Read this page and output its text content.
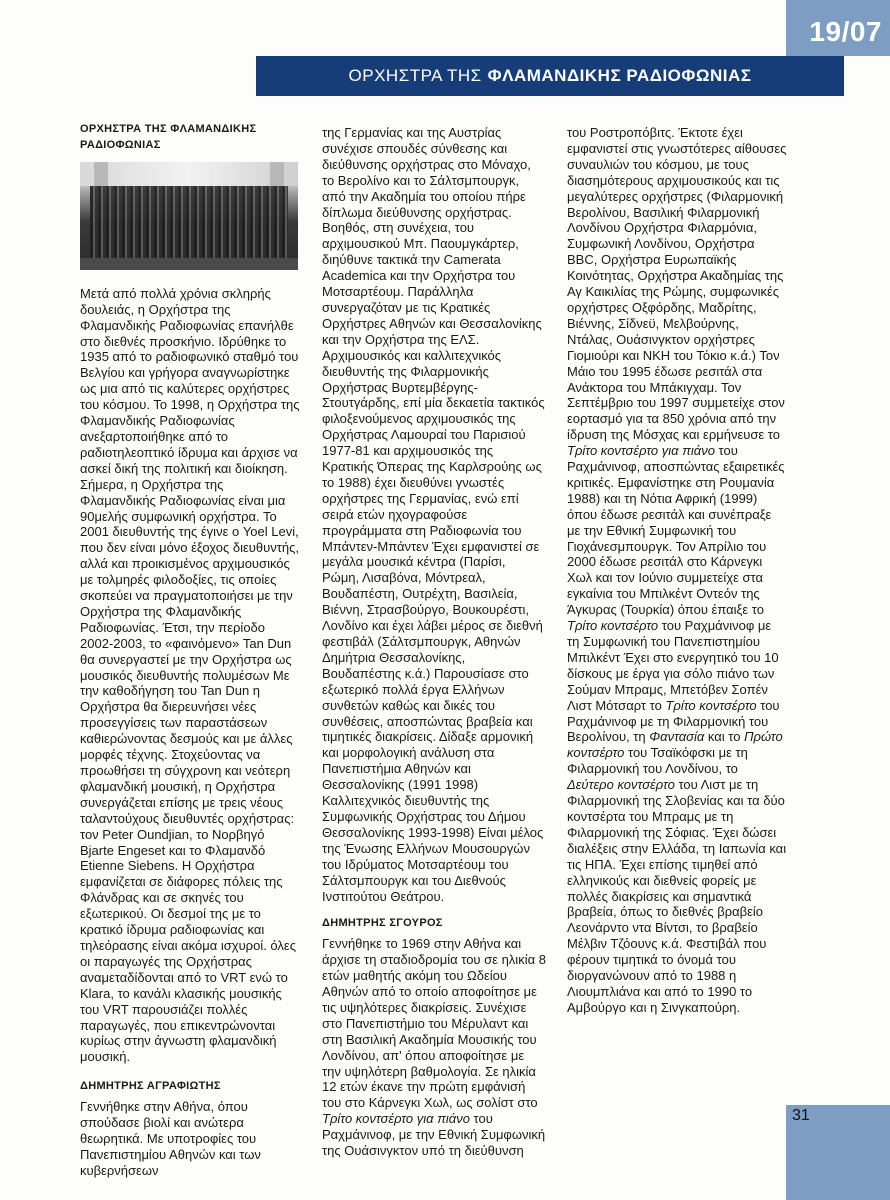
19/07
ΟΡΧΗΣΤΡΑ ΤΗΣ ΦΛΑΜΑΝΔΙΚΗΣ ΡΑΔΙΟΦΩΝΙΑΣ
ΟΡΧΗΣΤΡΑ ΤΗΣ ΦΛΑΜΑΝΔΙΚΗΣ ΡΑΔΙΟΦΩΝΙΑΣ

Μετά από πολλά χρόνια σκληρής δουλειάς, η Ορχήστρα της Φλαμανδικής Ραδιοφωνίας επανήλθε στο διεθνές προσκήνιο. Ιδρύθηκε το 1935 από το ραδιοφωνικό σταθμό του Βελγίου και γρήγορα αναγνωρίστηκε ως μια από τις καλύτερες ορχήστρες του κόσμου. Το 1998, η Ορχήστρα της Φλαμανδικής Ραδιοφωνίας ανεξαρτοποιήθηκε από το ραδιοτηλεοπτικό ίδρυμα και άρχισε να ασκεί δική της πολιτική και διοίκηση. Σήμερα, η Ορχήστρα της Φλαμανδικής Ραδιοφωνίας είναι μια 90μελής συμφωνική ορχήστρα. Το 2001 διευθυντής της έγινε ο Yoel Levi, που δεν είναι μόνο έξοχος διευθυντής, αλλά και προικισμένος αρχιμουσικός με τολμηρές φιλοδοξίες, τις οποίες σκοπεύει να πραγματοποιήσει με την Ορχήστρα της Φλαμανδικής Ραδιοφωνίας. Έτσι, την περίοδο 2002-2003, το «φαινόμενο» Tan Dun θα συνεργαστεί με την Ορχήστρα ως μουσικός διευθυντής πολυμέσων Με την καθοδήγηση του Tan Dun η Ορχήστρα θα διερευνήσει νέες προσεγγίσεις των παραστάσεων καθιερώνοντας δεσμούς και με άλλες μορφές τέχνης. Στοχεύοντας να προωθήσει τη σύγχρονη και νεότερη φλαμανδική μουσική, η Ορχήστρα συνεργάζεται επίσης με τρεις νέους ταλαντούχους διευθυντές ορχήστρας: τον Peter Oundjian, το Νορβηγό Bjarte Engeset και το Φλαμανδό Etienne Siebens. Η Ορχήστρα εμφανίζεται σε διάφορες πόλεις της Φλάνδρας και σε σκηνές του εξωτερικού. Οι δεσμοί της με το κρατικό ίδρυμα ραδιοφωνίας και τηλεόρασης είναι ακόμα ισχυροί. όλες οι παραγωγές της Ορχήστρας αναμεταδίδονται από το VRT ενώ το Klara, το κανάλι κλασικής μουσικής του VRT παρουσιάζει πολλές παραγωγές, που επικεντρώνονται κυρίως στην άγνωστη φλαμανδική μουσική.

ΔΗΜΗΤΡΗΣ ΑΓΡΑΦΙΩΤΗΣ

Γεννήθηκε στην Αθήνα, όπου σπούδασε βιολί και ανώτερα θεωρητικά. Με υποτροφίες του Πανεπιστημίου Αθηνών και των κυβερνήσεων

της Γερμανίας και της Αυστρίας συνέχισε σπουδές σύνθεσης και διεύθυνσης ορχήστρας στο Μόναχο, το Βερολίνο και το Σάλτσμπουργκ, από την Ακαδημία του οποίου πήρε δίπλωμα διεύθυνσης ορχήστρας. Βοηθός, στη συνέχεια, του αρχιμουσικού Μπ. Παουμγκάρτερ, διηύθυνε τακτικά την Camerata Academica και την Ορχήστρα του Μοτσαρτέουμ. Παράλληλα συνεργαζόταν με τις Κρατικές Ορχήστρες Αθηνών και Θεσσαλονίκης και την Ορχήστρα της ΕΛΣ. Αρχιμουσικός και καλλιτεχνικός διευθυντής της Φιλαρμονικής Ορχήστρας Βυρτεμβέργης-Στουτγάρδης, επί μία δεκαετία τακτικός φιλοξενούμενος αρχιμουσικός της Ορχήστρας Λαμουραί του Παρισιού 1977-81 και αρχιμουσικός της Κρατικής Όπερας της Καρλσρούης ως το 1988) έχει διευθύνει γνωστές ορχήστρες της Γερμανίας, ενώ επί σειρά ετών ηχογραφούσε προγράμματα στη Ραδιοφωνία του Μπάντεν-Μπάντεν Έχει εμφανιστεί σε μεγάλα μουσικά κέντρα (Παρίσι, Ρώμη, Λισαβόνα, Μόντρεαλ, Βουδαπέστη, Ουτρέχτη, Βασιλεία, Βιέννη, Στρασβούργο, Βουκουρέστι, Λονδίνο και έχει λάβει μέρος σε διεθνή φεστιβάλ (Σάλτσμπουργκ, Αθηνών Δημήτρια Θεσσαλονίκης, Βουδαπέστης κ.ά.) Παρουσίασε στο εξωτερικό πολλά έργα Ελλήνων συνθετών καθώς και δικές του συνθέσεις, αποσπώντας βραβεία και τιμητικές διακρίσεις. Δίδαξε αρμονική και μορφολογική ανάλυση στα Πανεπιστήμια Αθηνών και Θεσσαλονίκης (1991 1998) Καλλιτεχνικός διευθυντής της Συμφωνικής Ορχήστρας του Δήμου Θεσσαλονίκης 1993-1998) Είναι μέλος της Ένωσης Ελλήνων Μουσουργών του Ιδρύματος Μοτσαρτέουμ του Σάλτσμπουργκ και του Διεθνούς Ινστιτούτου Θεάτρου.

ΔΗΜΗΤΡΗΣ ΣΓΟΥΡΟΣ

Γεννήθηκε το 1969 στην Αθήνα και άρχισε τη σταδιοδρομία του σε ηλικία 8 ετών μαθητής ακόμη του Ωδείου Αθηνών από το οποίο αποφοίτησε με τις υψηλότερες διακρίσεις. Συνέχισε στο Πανεπιστήμιο του Μέρυλαντ και στη Βασιλική Ακαδημία Μουσικής του Λονδίνου, απ' όπου αποφοίτησε με την υψηλότερη βαθμολογία. Σε ηλικία 12 ετών έκανε την πρώτη εμφάνισή του στο Κάρνεγκι Χωλ, ως σολίστ στο Τρίτο κοντσέρτο για πιάνο του Ραχμάνινοφ, με την Εθνική Συμφωνική της Ουάσινγκτον υπό τη διεύθυνση

του Ροστροπόβιτς. Έκτοτε έχει εμφανιστεί στις γνωστότερες αίθουσες συναυλιών του κόσμου, με τους διασημότερους αρχιμουσικούς και τις μεγαλύτερες ορχήστρες (Φιλαρμονική Βερολίνου, Βασιλική Φιλαρμονική Λονδίνου Ορχήστρα Φιλαρμόνια, Συμφωνική Λονδίνου, Ορχήστρα BBC, Ορχήστρα Ευρωπαϊκής Κοινότητας, Ορχήστρα Ακαδημίας της Αγ Καικιλίας της Ρώμης, συμφωνικές ορχήστρες Οξφόρδης, Μαδρίτης, Βιέννης, Σίδνεϋ, Μελβούρνης, Ντάλας, Ουάσινγκτον ορχήστρες Γιομιούρι και ΝΚΗ του Τόκιο κ.ά.) Τον Μάιο του 1995 έδωσε ρεσιτάλ στα Ανάκτορα του Μπάκιγχαμ. Τον Σεπτέμβριο του 1997 συμμετείχε στον εορτασμό για τα 850 χρόνια από την ίδρυση της Μόσχας και ερμήνευσε το Τρίτο κοντσέρτο για πιάνο του Ραχμάνινοφ, αποσπώντας εξαιρετικές κριτικές. Εμφανίστηκε στη Ρουμανία 1988) και τη Νότια Αφρική (1999) όπου έδωσε ρεσιτάλ και συνέπραξε με την Εθνική Συμφωνική του Γιοχάνεσμπουργκ. Τον Απρίλιο του 2000 έδωσε ρεσιτάλ στο Κάρνεγκι Χωλ και τον Ιούνιο συμμετείχε στα εγκαίνια του Μπιλκέντ Οντεόν της Άγκυρας (Τουρκία) όπου έπαιξε το Τρίτο κοντσέρτο του Ραχμάνινοφ με τη Συμφωνική του Πανεπιστημίου Μπιλκέντ Έχει στο ενεργητικό του 10 δίσκους με έργα για σόλο πιάνο των Σούμαν Μπραμς, Μπετόβεν Σοπέν Λιστ Μότσαρτ το Τρίτο κοντσέρτο του Ραχμάνινοφ με τη Φιλαρμονική του Βερολίνου, τη Φαντασία και το Πρώτο κοντσέρτο του Τσαϊκόφσκι με τη Φιλαρμονική του Λονδίνου, το Δεύτερο κοντσέρτο του Λιστ με τη Φιλαρμονική της Σλοβενίας και τα δύο κοντσέρτα του Μπραμς με τη Φιλαρμονική της Σόφιας. Έχει δώσει διαλέξεις στην Ελλάδα, τη Ιαπωνία και τις ΗΠΑ. Έχει επίσης τιμηθεί από ελληνικούς και διεθνείς φορείς με πολλές διακρίσεις και σημαντικά βραβεία, όπως το διεθνές βραβείο Λεονάρντο ντα Βίντσι, το βραβείο Μέλβιν Τζόουνς κ.ά. Φεστιβάλ που φέρουν τιμητικά το όνομά του διοργανώνουν από το 1988 η Λιουμπλιάνα και από το 1990 το Αμβούργο και η Σινγκαπούρη.

31
